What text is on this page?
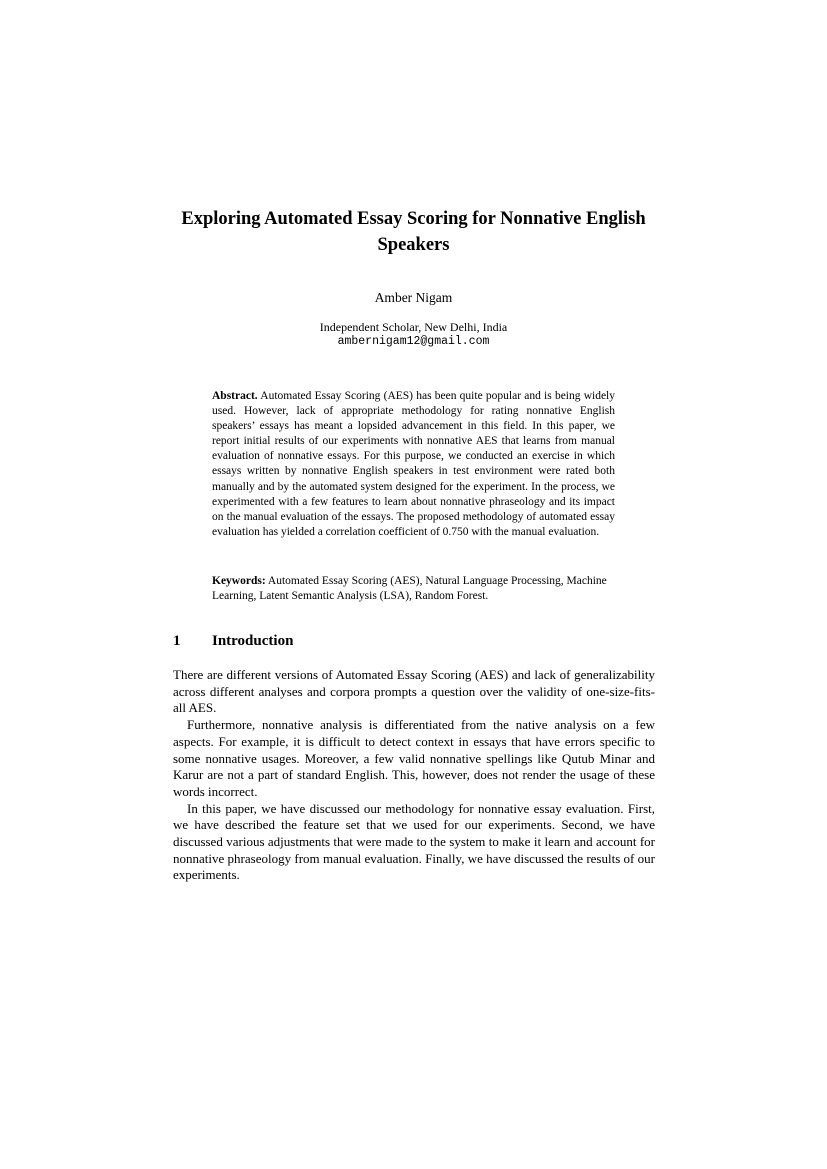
Exploring Automated Essay Scoring for Nonnative English
Speakers
Amber Nigam
Independent Scholar, New Delhi, India
ambernigam12@gmail.com
Abstract. Automated Essay Scoring (AES) has been quite popular and is being widely used. However, lack of appropriate methodology for rating nonnative English speakers’ essays has meant a lopsided advancement in this field. In this paper, we report initial results of our experiments with nonnative AES that learns from manual evaluation of nonnative essays. For this purpose, we conducted an exercise in which essays written by nonnative English speakers in test environment were rated both manually and by the automated system designed for the experiment. In the process, we experimented with a few features to learn about nonnative phraseology and its impact on the manual evaluation of the essays. The proposed methodology of automated essay evaluation has yielded a correlation coefficient of 0.750 with the manual evaluation.
Keywords: Automated Essay Scoring (AES), Natural Language Processing, Machine Learning, Latent Semantic Analysis (LSA), Random Forest.
1 Introduction

There are different versions of Automated Essay Scoring (AES) and lack of generalizability across different analyses and corpora prompts a question over the validity of one-size-fits-all AES.

Furthermore, nonnative analysis is differentiated from the native analysis on a few aspects. For example, it is difficult to detect context in essays that have errors specific to some nonnative usages. Moreover, a few valid nonnative spellings like Qutub Minar and Karur are not a part of standard English. This, however, does not render the usage of these words incorrect.

In this paper, we have discussed our methodology for nonnative essay evaluation. First, we have described the feature set that we used for our experiments. Second, we have discussed various adjustments that were made to the system to make it learn and account for nonnative phraseology from manual evaluation. Finally, we have discussed the results of our experiments.
